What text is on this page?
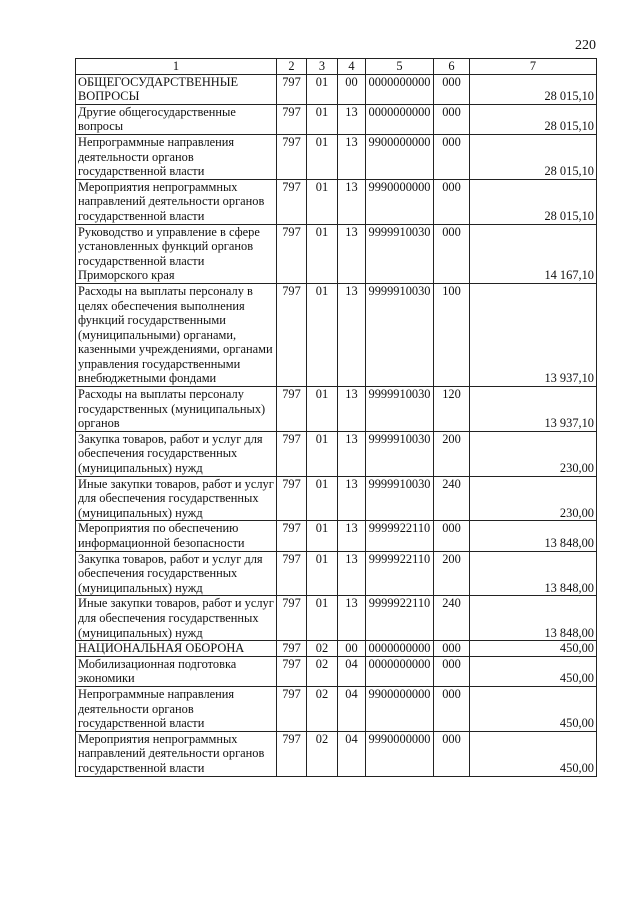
220
1	2	3	4	5	6	7
ОБЩЕГОСУДАРСТВЕННЫЕ ВОПРОСЫ	797	01	00	0000000000	000	28 015,10
Другие общегосударственные вопросы	797	01	13	0000000000	000	28 015,10
Непрограммные направления деятельности органов государственной власти	797	01	13	9900000000	000	28 015,10
Мероприятия непрограммных направлений деятельности органов государственной власти	797	01	13	9990000000	000	28 015,10
Руководство и управление в сфере установленных функций органов государственной власти Приморского края	797	01	13	9999910030	000	14 167,10
Расходы на выплаты персоналу в целях обеспечения выполнения функций государственными (муниципальными) органами, казенными учреждениями, органами управления государственными внебюджетными фондами	797	01	13	9999910030	100	13 937,10
Расходы на выплаты персоналу государственных (муниципальных) органов	797	01	13	9999910030	120	13 937,10
Закупка товаров, работ и услуг для обеспечения государственных (муниципальных) нужд	797	01	13	9999910030	200	230,00
Иные закупки товаров, работ и услуг для обеспечения государственных (муниципальных) нужд	797	01	13	9999910030	240	230,00
Мероприятия по обеспечению информационной безопасности	797	01	13	9999922110	000	13 848,00
Закупка товаров, работ и услуг для обеспечения государственных (муниципальных) нужд	797	01	13	9999922110	200	13 848,00
Иные закупки товаров, работ и услуг для обеспечения государственных (муниципальных) нужд	797	01	13	9999922110	240	13 848,00
НАЦИОНАЛЬНАЯ ОБОРОНА	797	02	00	0000000000	000	450,00
Мобилизационная подготовка экономики	797	02	04	0000000000	000	450,00
Непрограммные направления деятельности органов государственной власти	797	02	04	9900000000	000	450,00
Мероприятия непрограммных направлений деятельности органов государственной власти	797	02	04	9990000000	000	450,00
